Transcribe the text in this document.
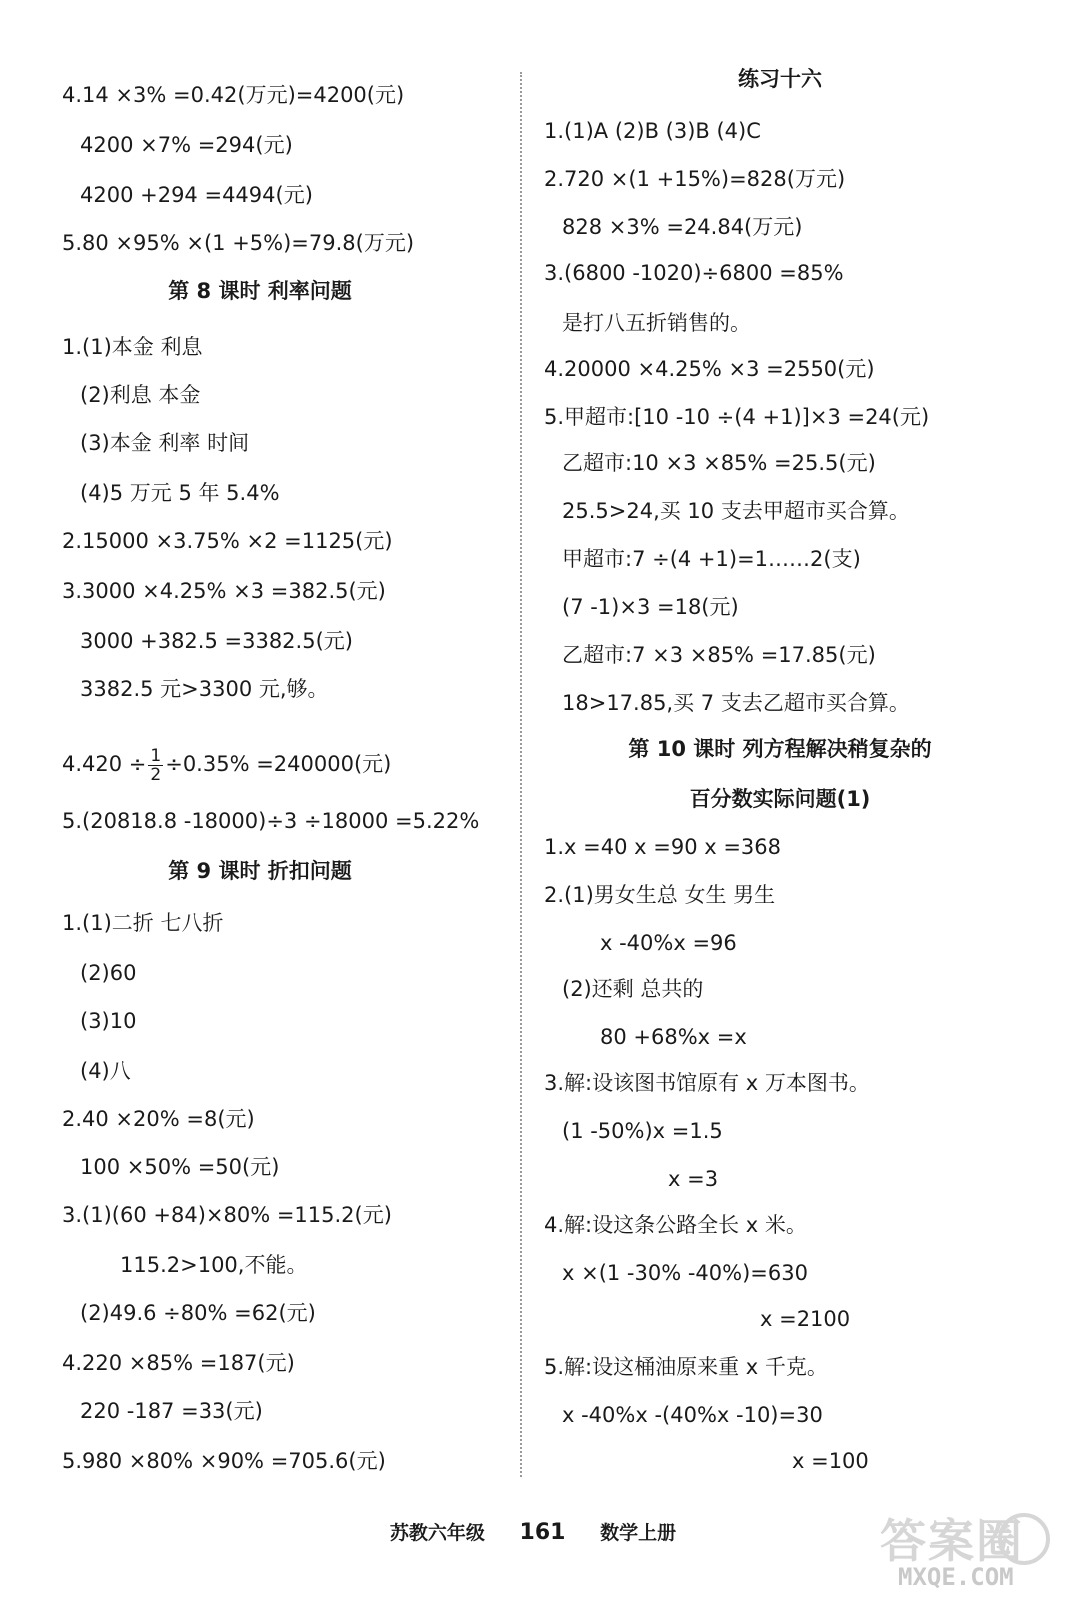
4.14 ×3% =0.42(万元)=4200(元)
4200 ×7% =294(元)
4200 +294 =4494(元)
5.80 ×95% ×(1 +5%)=79.8(万元)
第 8 课时 利率问题
1.(1)本金 利息
(2)利息 本金
(3)本金 利率 时间
(4)5 万元 5 年 5.4%
2.15000 ×3.75% ×2 =1125(元)
3.3000 ×4.25% ×3 =382.5(元)
3000 +382.5 =3382.5(元)
3382.5 元>3300 元,够。
$4.420 \div \frac{1}{2} \div 0.35\% =240000$(元)
5.(20818.8 -18000)÷3 ÷18000 =5.22%
第 9 课时 折扣问题
1.(1)二折 七八折
(2)60
(3)10
(4)八
2.40 ×20% =8(元)
100 ×50% =50(元)
3.(1)(60 +84)×80% =115.2(元)
115.2>100,不能。
(2)49.6 ÷80% =62(元)
4.220 ×85% =187(元)
220 -187 =33(元)
5.980 ×80% ×90% =705.6(元)
练习十六
1.(1)A (2)B (3)B (4)C
2.720 ×(1 +15%)=828(万元)
828 ×3% =24.84(万元)
3.(6800 -1020)÷6800 =85%
是打八五折销售的。
4.20000 ×4.25% ×3 =2550(元)
5.甲超市:[10 -10 ÷(4 +1)]×3 =24(元)
乙超市:10 ×3 ×85% =25.5(元)
25.5>24,买 10 支去甲超市买合算。
甲超市:7 ÷(4 +1)=1……2(支)
(7 -1)×3 =18(元)
乙超市:7 ×3 ×85% =17.85(元)
18>17.85,买 7 支去乙超市买合算。
第 10 课时 列方程解决稍复杂的
百分数实际问题(1)
1.x =40 x =90 x =368
2.(1)男女生总 女生 男生
x -40%x =96
(2)还剩 总共的
80 +68%x =x
3.解:设该图书馆原有 x 万本图书。
(1 -50%)x =1.5
x =3
4.解:设这条公路全长 x 米。
x ×(1 -30% -40%)=630
x =2100
5.解:设这桶油原来重 x 千克。
x -40%x -(40%x -10)=30
x =100
苏教六年级 161 数学上册	答案圈
MXQE.COM
